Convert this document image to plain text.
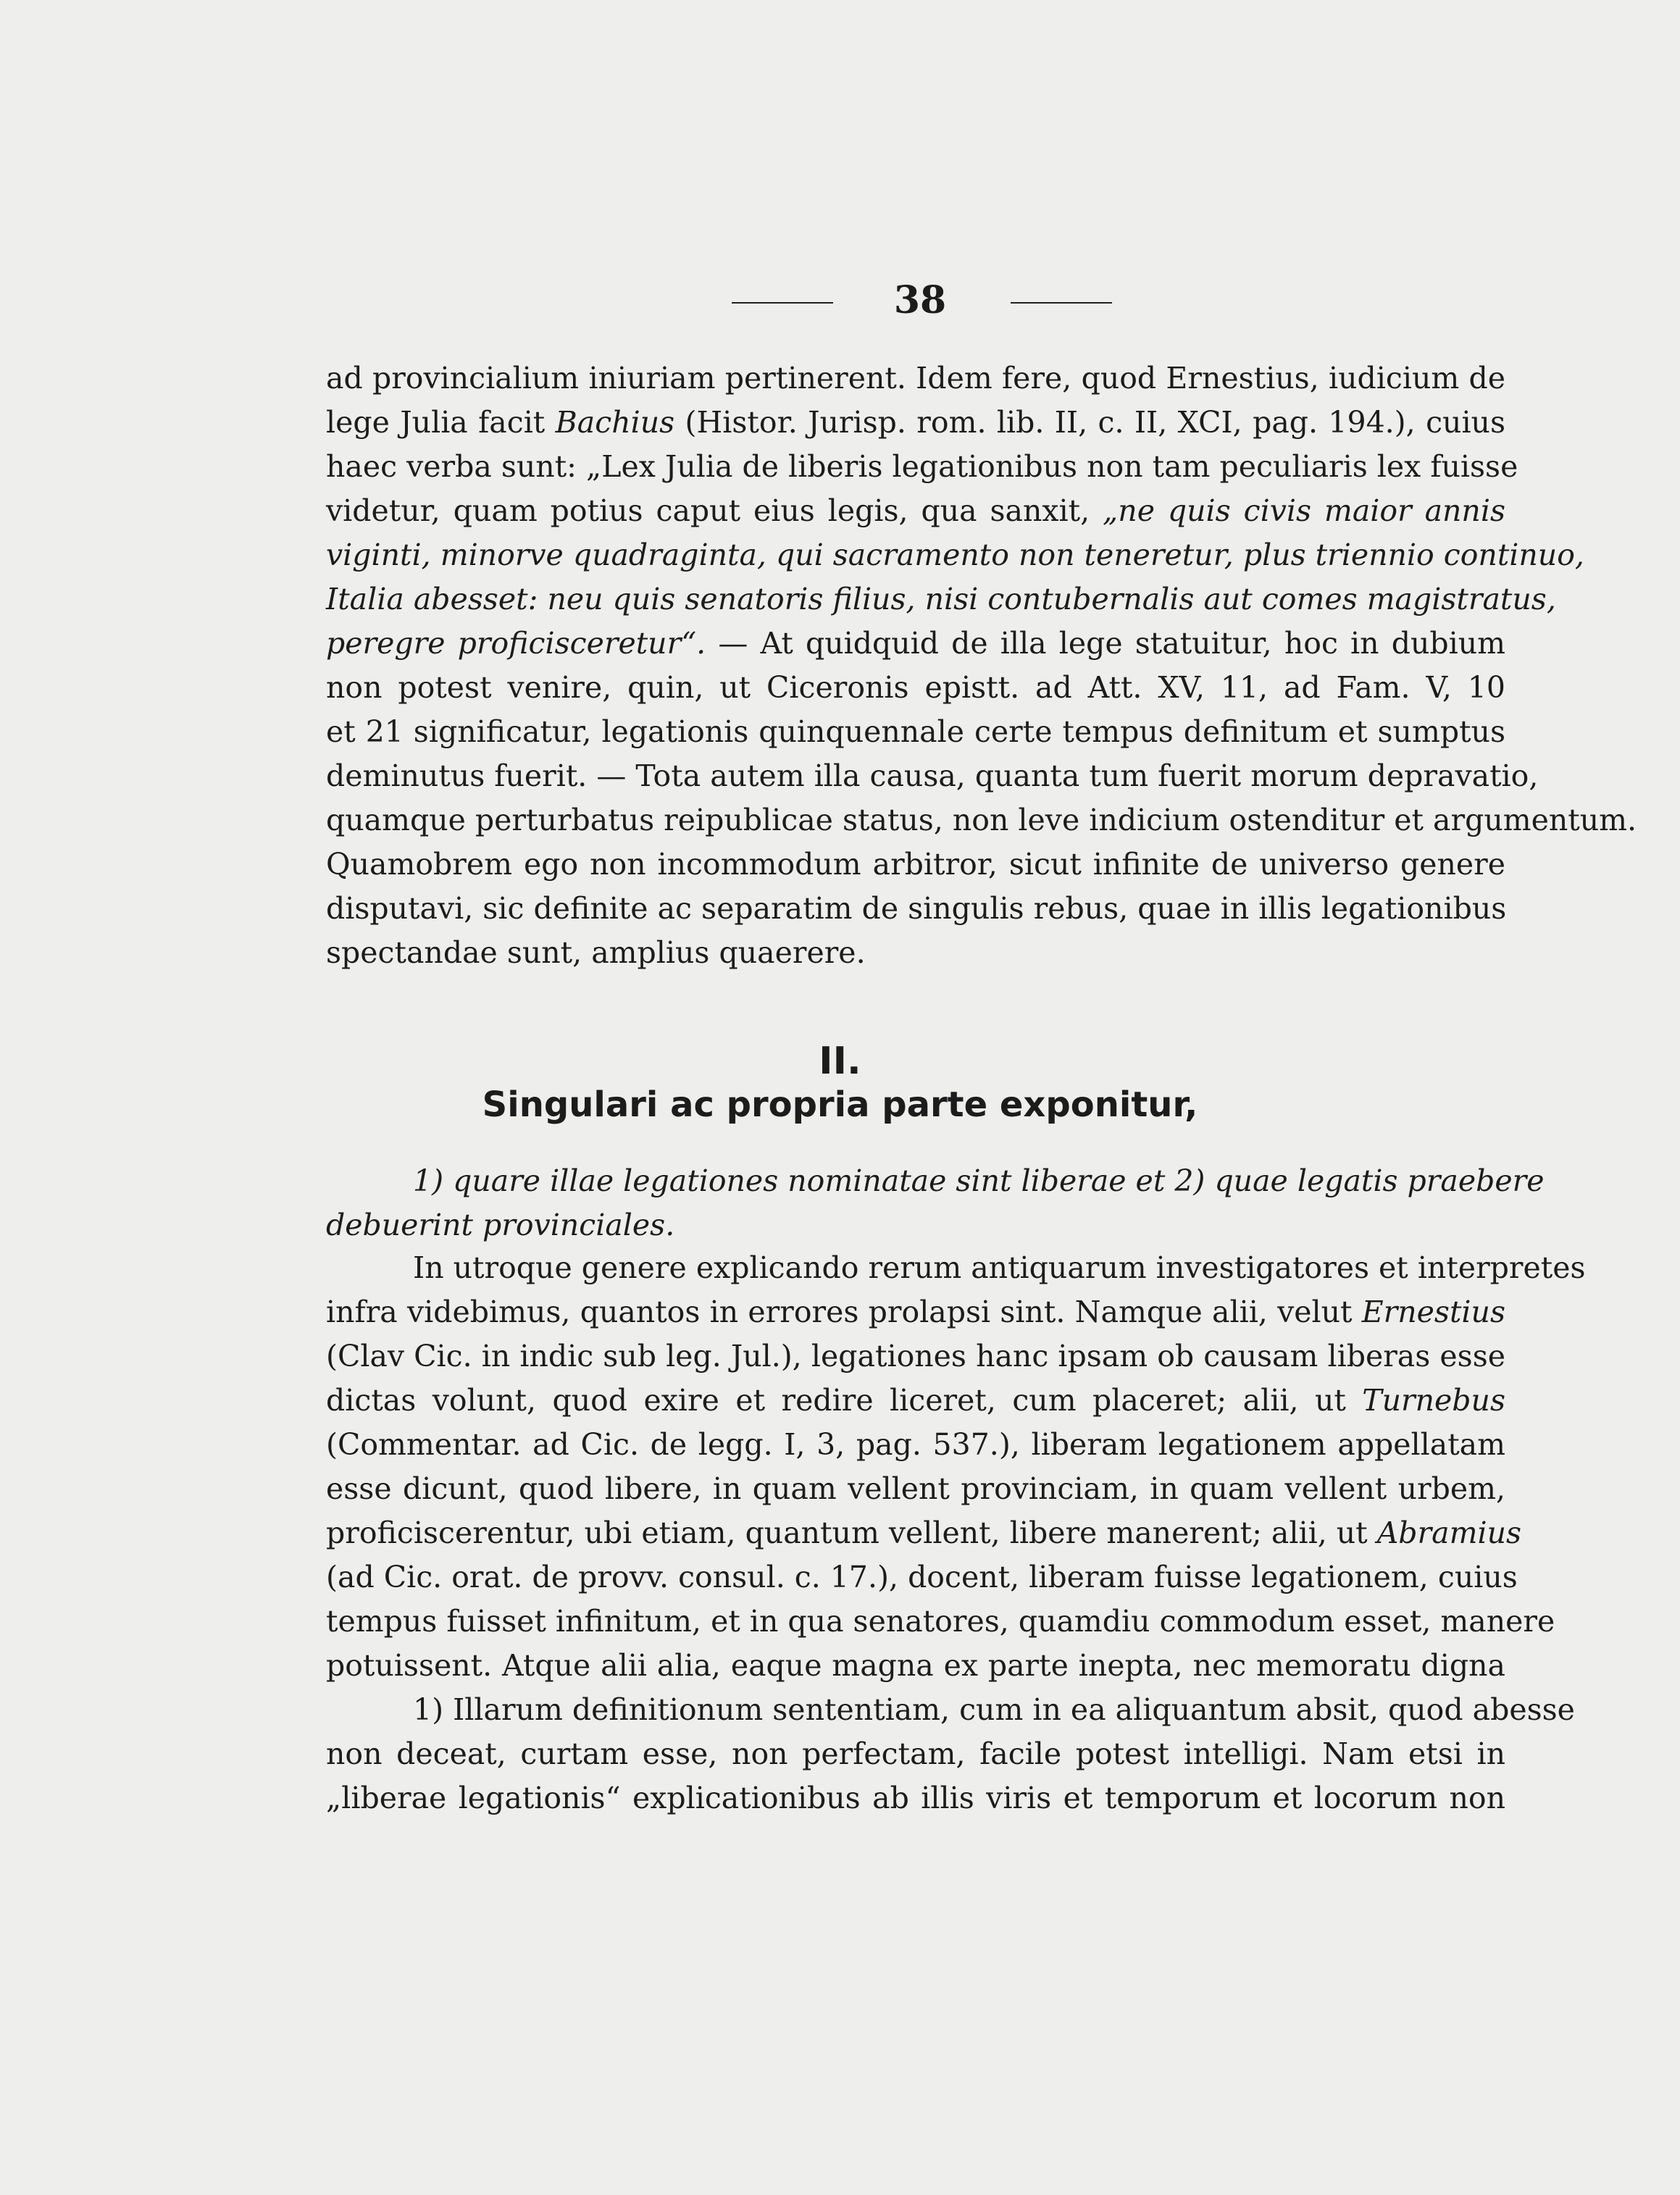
38
ad provincialium iniuriam pertinerent. Idem fere, quod Ernestius, iudicium de
lege Julia facit Bachius (Histor. Jurisp. rom. lib. II, c. II, XCI, pag. 194.), cuius
haec verba sunt: „Lex Julia de liberis legationibus non tam peculiaris lex fuisse
videtur, quam potius caput eius legis, qua sanxit, „ne quis civis maior annis
viginti, minorve quadraginta, qui sacramento non teneretur, plus triennio continuo,
Italia abesset: neu quis senatoris filius, nisi contubernalis aut comes magistratus,
peregre proficisceretur“. — At quidquid de illa lege statuitur, hoc in dubium
non potest venire, quin, ut Ciceronis epistt. ad Att. XV, 11, ad Fam. V, 10
et 21 significatur, legationis quinquennale certe tempus definitum et sumptus
deminutus fuerit. — Tota autem illa causa, quanta tum fuerit morum depravatio,
quamque perturbatus reipublicae status, non leve indicium ostenditur et argumentum.
Quamobrem ego non incommodum arbitror, sicut infinite de universo genere
disputavi, sic definite ac separatim de singulis rebus, quae in illis legationibus
spectandae sunt, amplius quaerere.
II.
Singulari ac propria parte exponitur,
1) quare illae legationes nominatae sint liberae et 2) quae legatis praebere
debuerint provinciales.
In utroque genere explicando rerum antiquarum investigatores et interpretes
infra videbimus, quantos in errores prolapsi sint. Namque alii, velut Ernestius
(Clav Cic. in indic sub leg. Jul.), legationes hanc ipsam ob causam liberas esse
dictas volunt, quod exire et redire liceret, cum placeret; alii, ut Turnebus
(Commentar. ad Cic. de legg. I, 3, pag. 537.), liberam legationem appellatam
esse dicunt, quod libere, in quam vellent provinciam, in quam vellent urbem,
proficiscerentur, ubi etiam, quantum vellent, libere manerent; alii, ut Abramius
(ad Cic. orat. de provv. consul. c. 17.), docent, liberam fuisse legationem, cuius
tempus fuisset infinitum, et in qua senatores, quamdiu commodum esset, manere
potuissent. Atque alii alia, eaque magna ex parte inepta, nec memoratu digna
1) Illarum definitionum sententiam, cum in ea aliquantum absit, quod abesse
non deceat, curtam esse, non perfectam, facile potest intelligi. Nam etsi in
„liberae legationis“ explicationibus ab illis viris et temporum et locorum non
